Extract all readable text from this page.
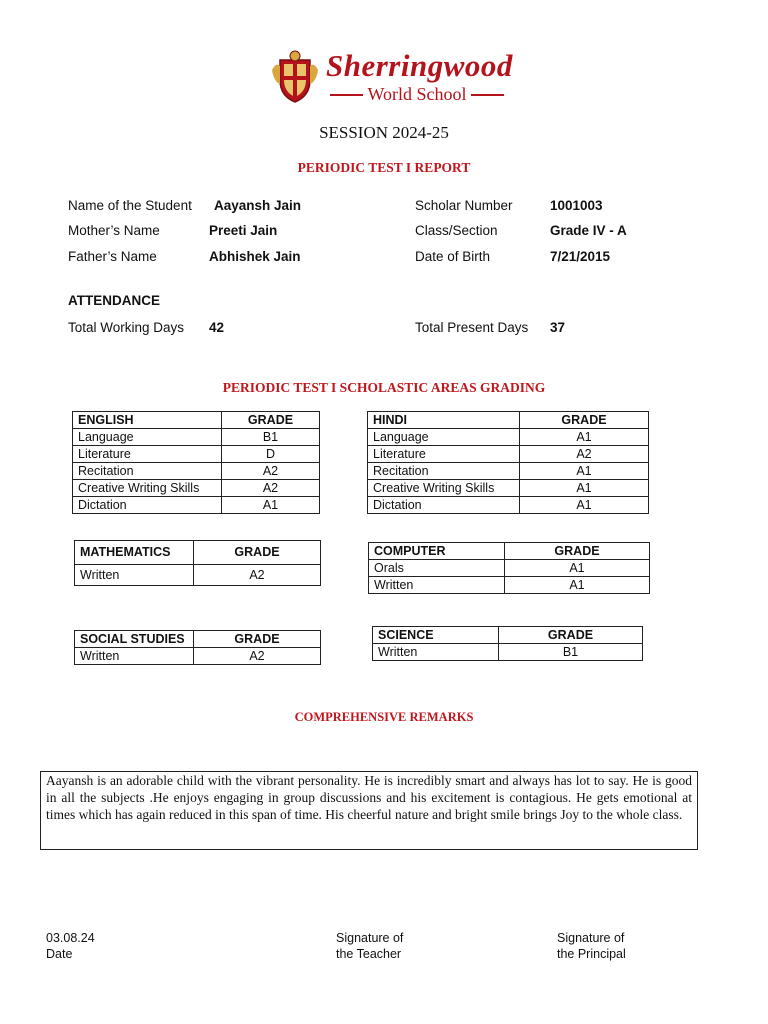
Sherringwood
World School
SESSION 2024-25
PERIODIC TEST I REPORT
Name of the Student Aayansh Jain
Mother’s Name	Preeti Jain
Father’s Name	Abhishek Jain
Scholar Number	1001003
Class/Section	Grade IV - A
Date of Birth	7/21/2015
ATTENDANCE
Total Working Days 42	Total Present Days 37
PERIODIC TEST I SCHOLASTIC AREAS GRADING
ENGLISH	GRADE
Language	B1
Literature	D
Recitation	A2
Creative Writing Skills	A2
Dictation	A1
HINDI	GRADE
Language	A1
Literature	A2
Recitation	A1
Creative Writing Skills	A1
Dictation	A1
MATHEMATICS	GRADE
Written	A2
COMPUTER	GRADE
Orals	A1
Written	A1
SOCIAL STUDIES	GRADE
Written	A2
SCIENCE	GRADE
Written	B1
COMPREHENSIVE REMARKS
Aayansh is an adorable child with the vibrant personality. He is incredibly smart and always has lot to say. He is good in all the subjects .He enjoys engaging in group discussions and his excitement is contagious. He gets emotional at times which has again reduced in this span of time. His cheerful nature and bright smile brings Joy to the whole class.
03.08.24
Date
Signature of
the Teacher
Signature of
the Principal
